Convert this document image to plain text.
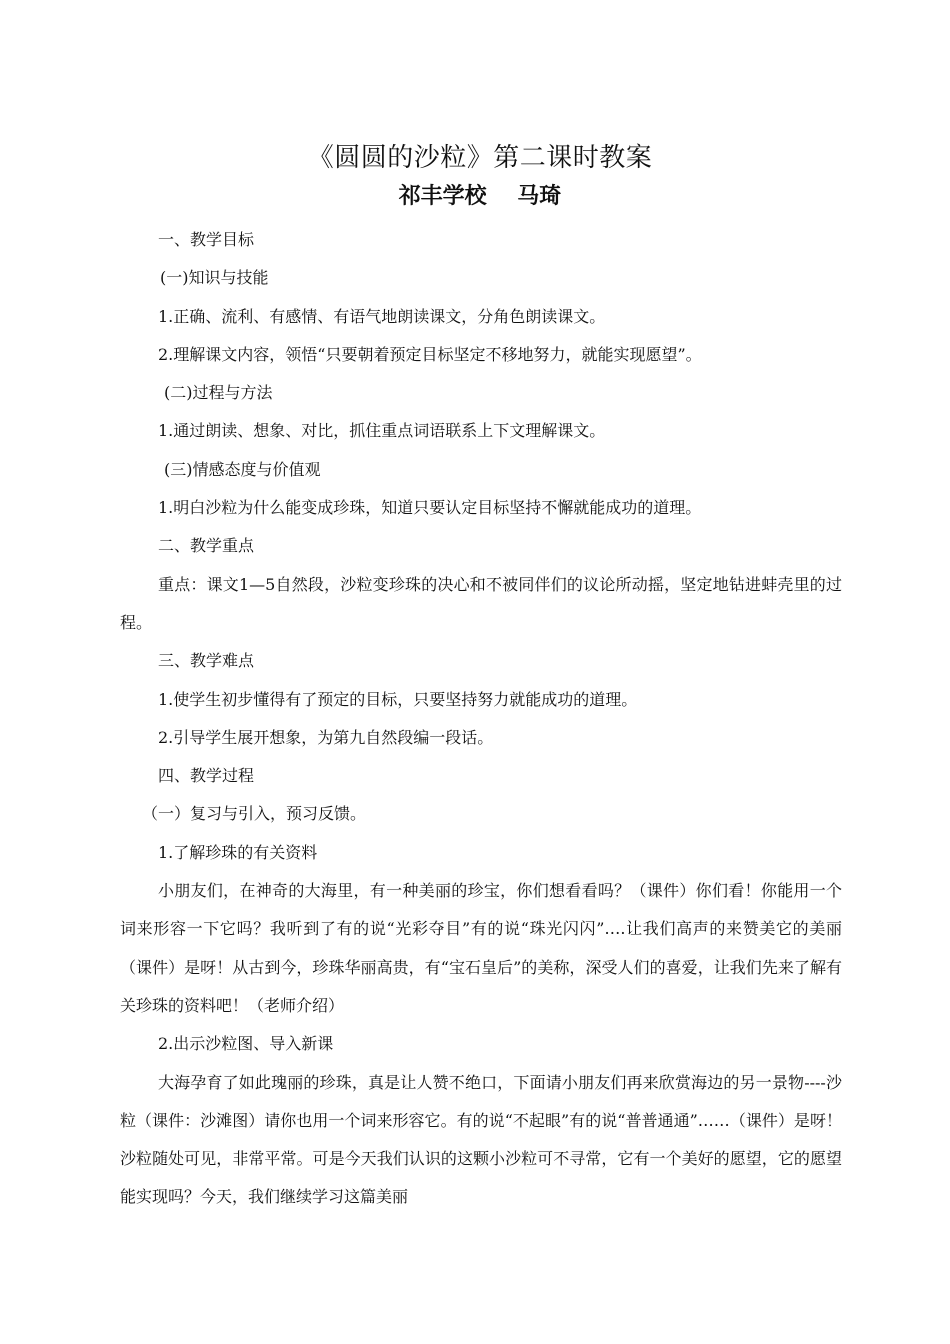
《圆圆的沙粒》第二课时教案
祁丰学校    马琦

一、教学目标

(一)知识与技能

1.正确、流利、有感情、有语气地朗读课文，分角色朗读课文。

2.理解课文内容，领悟“只要朝着预定目标坚定不移地努力，就能实现愿望”。

(二)过程与方法

1.通过朗读、想象、对比，抓住重点词语联系上下文理解课文。

(三)情感态度与价值观

1.明白沙粒为什么能变成珍珠，知道只要认定目标坚持不懈就能成功的道理。

二、教学重点

重点：课文1—5自然段，沙粒变珍珠的决心和不被同伴们的议论所动摇，坚定地钻进蚌壳里的过程。

三、教学难点

1.使学生初步懂得有了预定的目标，只要坚持努力就能成功的道理。

2.引导学生展开想象，为第九自然段编一段话。

四、教学过程

（一）复习与引入，预习反馈。

1.了解珍珠的有关资料

小朋友们，在神奇的大海里，有一种美丽的珍宝，你们想看看吗？（课件）你们看！你能用一个词来形容一下它吗？我听到了有的说“光彩夺目”有的说“珠光闪闪”….让我们高声的来赞美它的美丽（课件）是呀！从古到今，珍珠华丽高贵，有“宝石皇后”的美称，深受人们的喜爱，让我们先来了解有关珍珠的资料吧！（老师介绍）

2.出示沙粒图、导入新课

大海孕育了如此瑰丽的珍珠，真是让人赞不绝口，下面请小朋友们再来欣赏海边的另一景物----沙粒（课件：沙滩图）请你也用一个词来形容它。有的说“不起眼”有的说“普普通通”……（课件）是呀！沙粒随处可见，非常平常。可是今天我们认识的这颗小沙粒可不寻常，它有一个美好的愿望，它的愿望能实现吗？今天，我们继续学习这篇美丽
